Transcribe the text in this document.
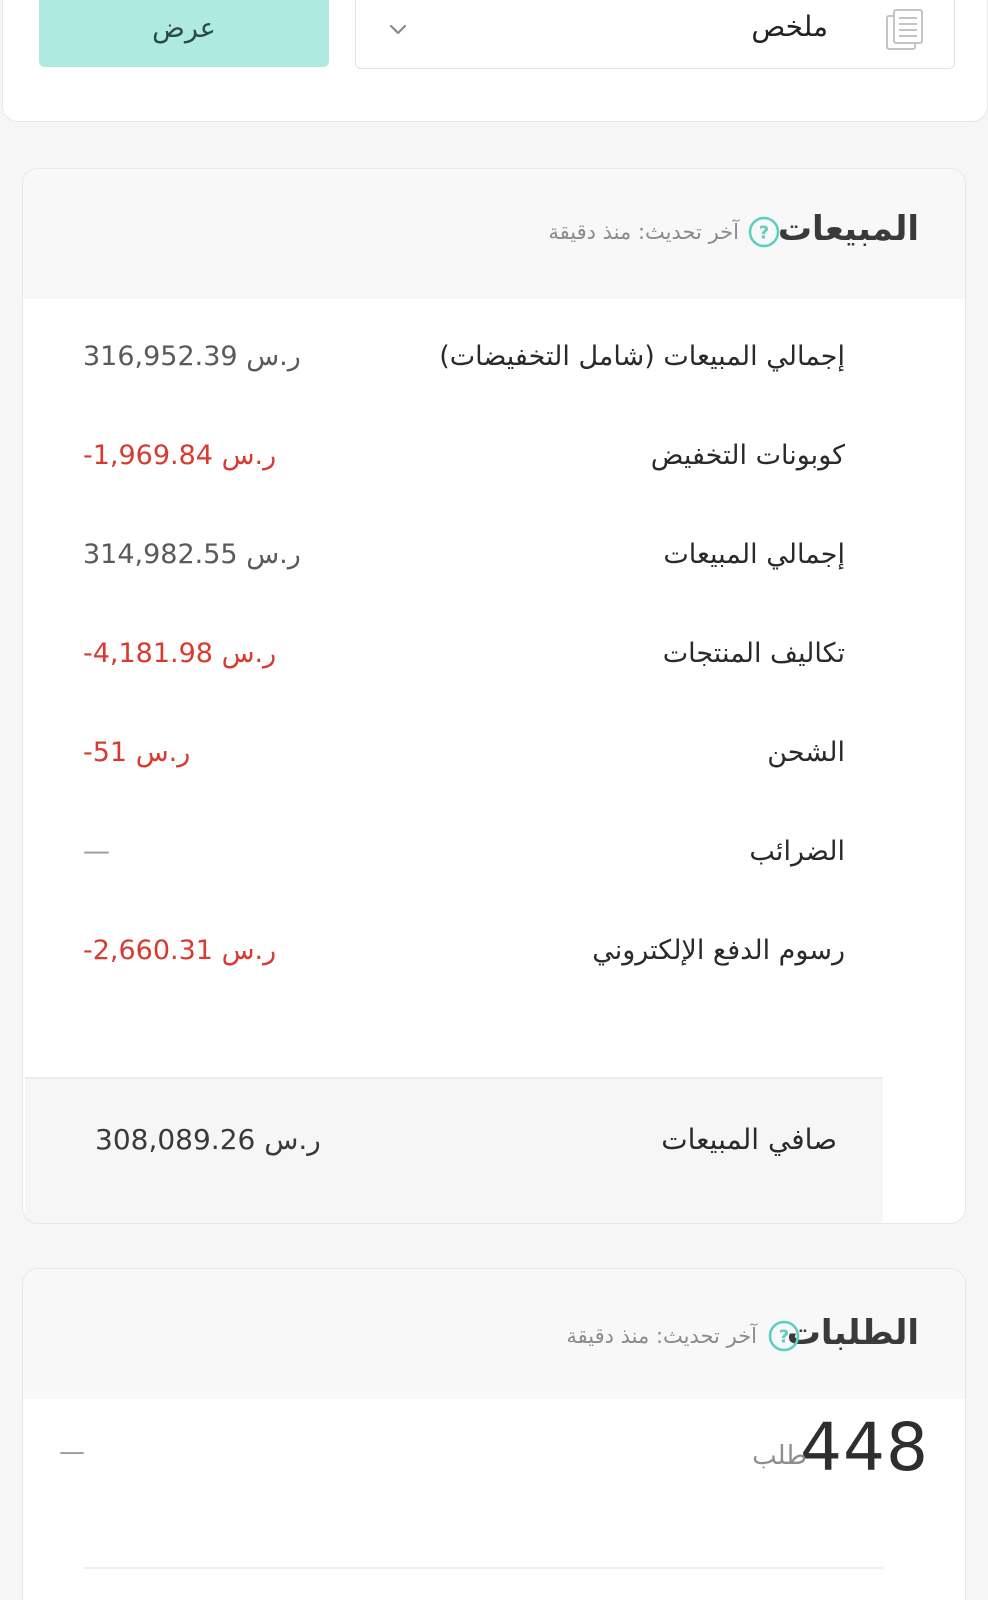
عرض	ملخص
المبيعات
?
آخر تحديث: منذ دقيقة
إجمالي المبيعات (شامل التخفيضات)
316,952.39 ر.س
كوبونات التخفيض
-1,969.84 ر.س
إجمالي المبيعات
314,982.55 ر.س
تكاليف المنتجات
-4,181.98 ر.س
الشحن
-51 ر.س
الضرائب
—
رسوم الدفع الإلكتروني
-2,660.31 ر.س
صافي المبيعات
308,089.26 ر.س
الطلبات
?
آخر تحديث: منذ دقيقة
448
طلب
—
